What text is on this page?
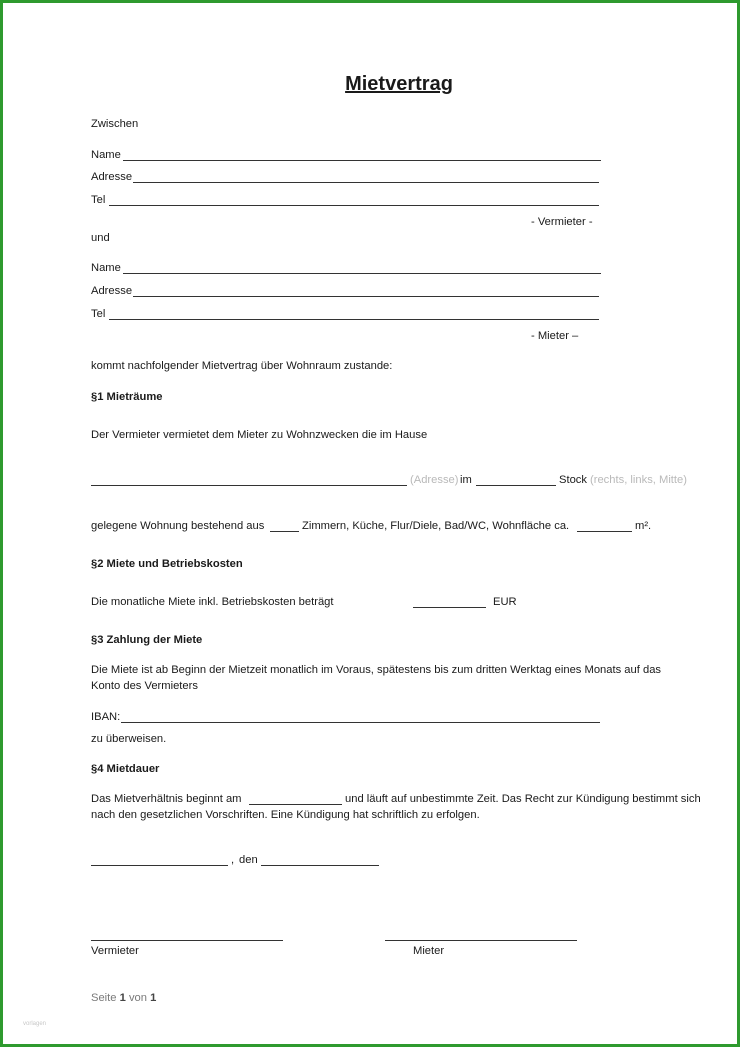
Mietvertrag
Zwischen
Name
Adresse
Tel
- Vermieter -
und
Name
Adresse
Tel
- Mieter –
kommt nachfolgender Mietvertrag über Wohnraum zustande:
§1 Mieträume
Der Vermieter vermietet dem Mieter zu Wohnzwecken die im Hause
(Adresse) im	Stock (rechts, links, Mitte)
gelegene Wohnung bestehend aus	Zimmern, Küche, Flur/Diele, Bad/WC, Wohnfläche ca.	m².
§2 Miete und Betriebskosten
Die monatliche Miete inkl. Betriebskosten beträgt	EUR
§3 Zahlung der Miete
Die Miete ist ab Beginn der Mietzeit monatlich im Voraus, spätestens bis zum dritten Werktag eines Monats auf das
Konto des Vermieters
IBAN:
zu überweisen.
§4 Mietdauer
Das Mietverhältnis beginnt am	und läuft auf unbestimmte Zeit. Das Recht zur Kündigung bestimmt sich
nach den gesetzlichen Vorschriften. Eine Kündigung hat schriftlich zu erfolgen.
, den
Vermieter	Mieter
Seite 1 von 1
vorlagen
